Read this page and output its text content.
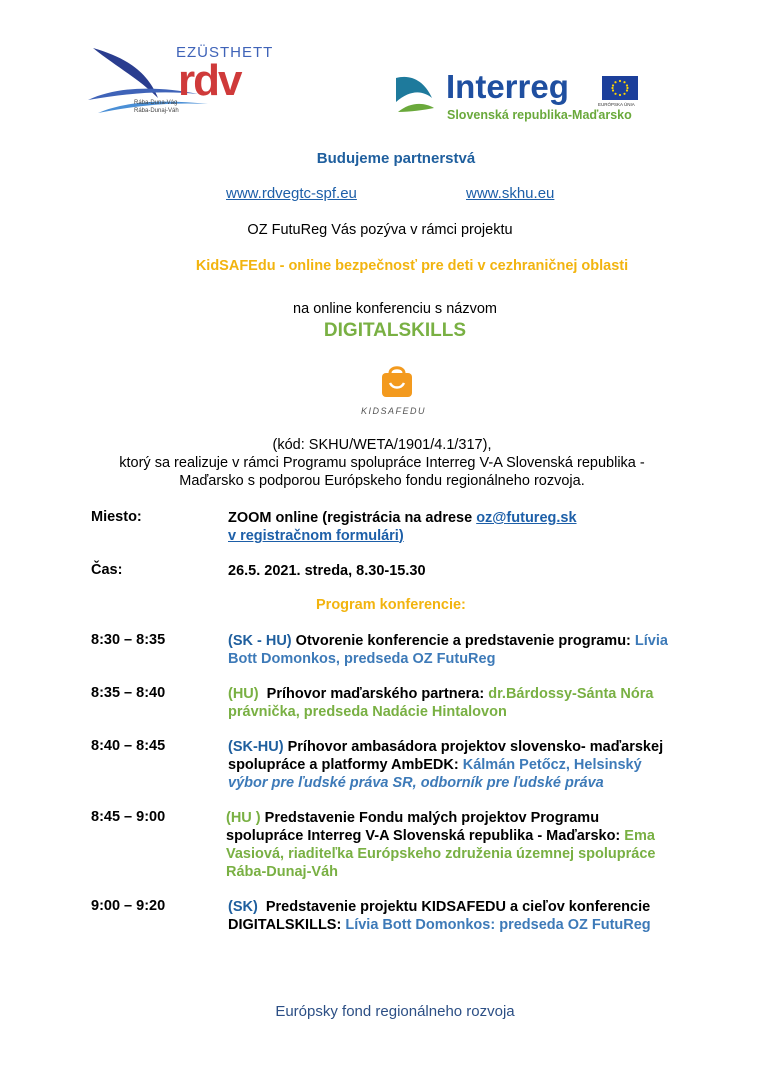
EZÜSTHETT
rdv
Rába-Duna-Vág
Rába-Dunaj-Váh
Interreg
Slovenská republika-Maďarsko
EURÓPSKA ÚNIA
Budujeme partnerstvá
www.rdvegtc-spf.eu	www.skhu.eu
OZ FutuReg Vás pozýva v rámci projektu
KidSAFEdu - online bezpečnosť pre deti v cezhraničnej oblasti
na online konferenciu s názvom
DIGITALSKILLS
KIDSAFEDU
(kód: SKHU/WETA/1901/4.1/317),
ktorý sa realizuje v rámci Programu spolupráce Interreg V-A Slovenská republika -
Maďarsko s podporou Európskeho fondu regionálneho rozvoja.
Miesto:	ZOOM online (registrácia na adrese oz@futureg.sk
v registračnom formulári)
Čas:	26.5. 2021. streda, 8.30-15.30
Program konferencie:
8:30 – 8:35	(SK - HU) Otvorenie konferencie a predstavenie programu: Lívia
Bott Domonkos, predseda OZ FutuReg
8:35 – 8:40	(HU)  Príhovor maďarského partnera: dr.Bárdossy-Sánta Nóra
právnička, predseda Nadácie Hintalovon
8:40 – 8:45	(SK-HU) Príhovor ambasádora projektov slovensko- maďarskej
spolupráce a platformy AmbEDK: Kálmán Petőcz, Helsinský
výbor pre ľudské práva SR, odborník pre ľudské práva
8:45 – 9:00	(HU ) Predstavenie Fondu malých projektov Programu
spolupráce Interreg V-A Slovenská republika - Maďarsko: Ema
Vasiová, riaditeľka Európskeho združenia územnej spolupráce
Rába-Dunaj-Váh
9:00 – 9:20	(SK)  Predstavenie projektu KIDSAFEDU a cieľov konferencie
DIGITALSKILLS: Lívia Bott Domonkos: predseda OZ FutuReg
Európsky fond regionálneho rozvoja
